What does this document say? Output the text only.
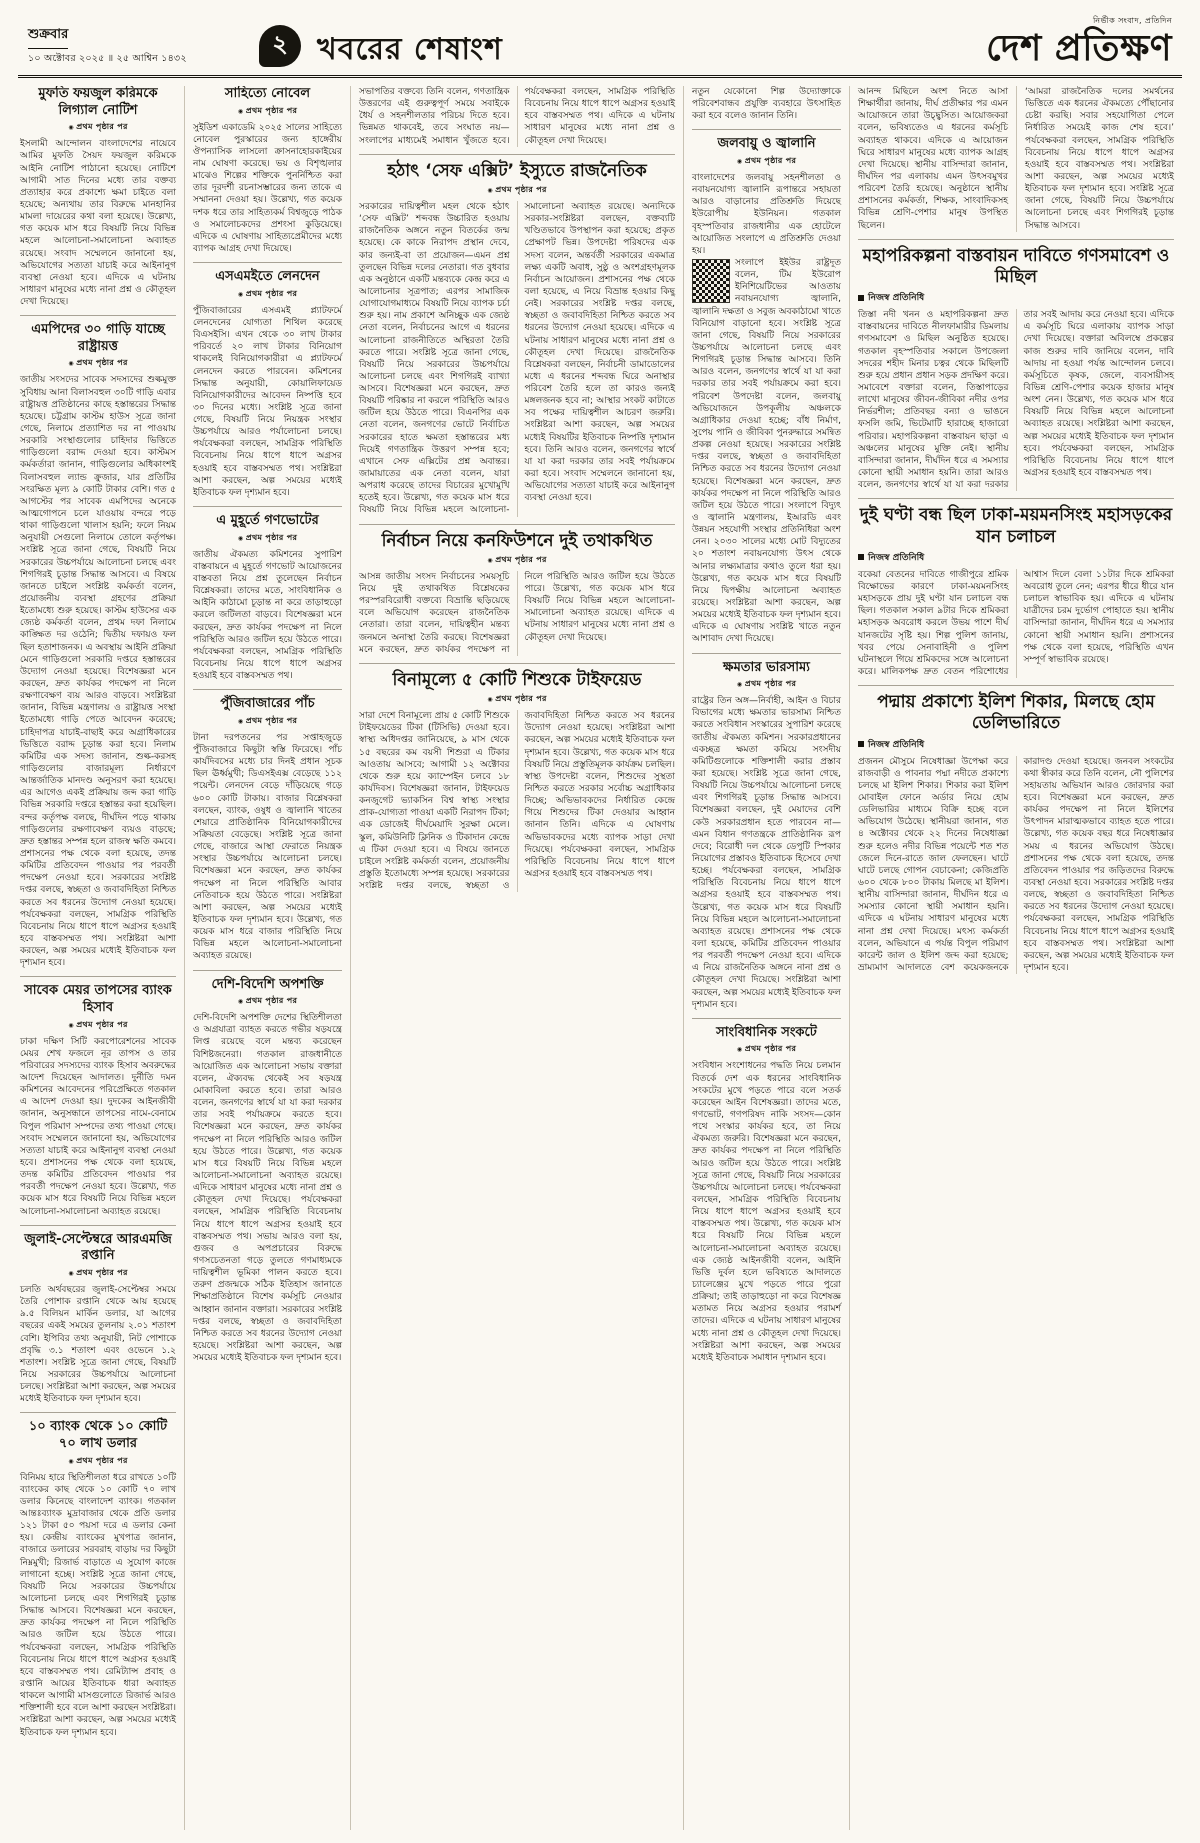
শুক্রবার
১০ অক্টোবর ২০২৫ ॥ ২৫ আশ্বিন ১৪৩২
২ খবরের শেষাংশ
নির্ভীক সংবাদ, প্রতিদিন
দেশ প্রতিক্ষণ
মুফতি ফয়জুল করিমকে লিগ্যাল নোটিশ
◉ প্রথম পৃষ্ঠার পর

ইসলামী আন্দোলন বাংলাদেশের নায়েবে আমির মুফতি সৈয়দ ফয়জুল করিমকে আইনি নোটিশ পাঠানো হয়েছে। নোটিশে আগামী সাত দিনের মধ্যে তার বক্তব্য প্রত্যাহার করে প্রকাশ্যে ক্ষমা চাইতে বলা হয়েছে; অন্যথায় তার বিরুদ্ধে মানহানির মামলা দায়েরের কথা বলা হয়েছে। উল্লেখ্য, গত কয়েক মাস ধরে বিষয়টি নিয়ে বিভিন্ন মহলে আলোচনা-সমালোচনা অব্যাহত রয়েছে। সংবাদ সম্মেলনে জানানো হয়, অভিযোগের সত্যতা যাচাই করে আইনানুগ ব্যবস্থা নেওয়া হবে। এদিকে এ ঘটনায় সাধারণ মানুষের মধ্যে নানা প্রশ্ন ও কৌতূহল দেখা দিয়েছে।

এমপিদের ৩০ গাড়ি যাচ্ছে রাষ্ট্রায়ত্ত
◉ প্রথম পৃষ্ঠার পর

জাতীয় সংসদের সাবেক সদস্যদের শুল্কমুক্ত সুবিধায় আনা বিলাসবহুল ৩০টি গাড়ি এবার রাষ্ট্রায়ত্ত প্রতিষ্ঠানের কাছে হস্তান্তরের সিদ্ধান্ত হয়েছে। চট্টগ্রাম কাস্টম হাউস সূত্রে জানা গেছে, নিলামে প্রত্যাশিত দর না পাওয়ায় সরকারি সংস্থাগুলোর চাহিদার ভিত্তিতে গাড়িগুলো বরাদ্দ দেওয়া হবে। কাস্টমস কর্মকর্তারা জানান, গাড়িগুলোর অধিকাংশই বিলাসবহুল ল্যান্ড ক্রুজার, যার প্রতিটির সংরক্ষিত মূল্য ৯ কোটি টাকার বেশি। গত ৫ আগস্টের পর সাবেক এমপিদের অনেকে আত্মগোপনে চলে যাওয়ায় বন্দরে পড়ে থাকা গাড়িগুলো খালাস হয়নি; ফলে নিয়ম অনুযায়ী সেগুলো নিলামে তোলে কর্তৃপক্ষ। সংশ্লিষ্ট সূত্রে জানা গেছে, বিষয়টি নিয়ে সরকারের উচ্চপর্যায়ে আলোচনা চলছে এবং শিগগিরই চূড়ান্ত সিদ্ধান্ত আসবে। এ বিষয়ে জানতে চাইলে সংশ্লিষ্ট কর্মকর্তা বলেন, প্রয়োজনীয় ব্যবস্থা গ্রহণের প্রক্রিয়া ইতোমধ্যে শুরু হয়েছে। কাস্টম হাউসের এক জ্যেষ্ঠ কর্মকর্তা বলেন, প্রথম দফা নিলামে কাঙ্ক্ষিত দর ওঠেনি; দ্বিতীয় দফায়ও ফল ছিল হতাশাজনক। এ অবস্থায় আইনি প্রক্রিয়া মেনে গাড়িগুলো সরকারি দপ্তরে হস্তান্তরের উদ্যোগ নেওয়া হয়েছে। বিশেষজ্ঞরা মনে করছেন, দ্রুত কার্যকর পদক্ষেপ না নিলে রক্ষণাবেক্ষণ ব্যয় আরও বাড়বে। সংশ্লিষ্টরা জানান, বিভিন্ন মন্ত্রণালয় ও রাষ্ট্রায়ত্ত সংস্থা ইতোমধ্যে গাড়ি পেতে আবেদন করেছে; চাহিদাপত্র যাচাই-বাছাই করে অগ্রাধিকারের ভিত্তিতে বরাদ্দ চূড়ান্ত করা হবে। নিলাম কমিটির এক সদস্য জানান, শুল্ক-করসহ গাড়িগুলোর বাজারমূল্য নির্ধারণে আন্তর্জাতিক মানদণ্ড অনুসরণ করা হয়েছে। এর আগেও একই প্রক্রিয়ায় জব্দ করা গাড়ি বিভিন্ন সরকারি দপ্তরে হস্তান্তর করা হয়েছিল। বন্দর কর্তৃপক্ষ বলছে, দীর্ঘদিন পড়ে থাকায় গাড়িগুলোর রক্ষণাবেক্ষণ ব্যয়ও বাড়ছে; দ্রুত হস্তান্তর সম্পন্ন হলে রাজস্ব ক্ষতি কমবে। প্রশাসনের পক্ষ থেকে বলা হয়েছে, তদন্ত কমিটির প্রতিবেদন পাওয়ার পর পরবর্তী পদক্ষেপ নেওয়া হবে। সরকারের সংশ্লিষ্ট দপ্তর বলছে, স্বচ্ছতা ও জবাবদিহিতা নিশ্চিত করতে সব ধরনের উদ্যোগ নেওয়া হয়েছে। পর্যবেক্ষকরা বলছেন, সামগ্রিক পরিস্থিতি বিবেচনায় নিয়ে ধাপে ধাপে অগ্রসর হওয়াই হবে বাস্তবসম্মত পথ। সংশ্লিষ্টরা আশা করছেন, অল্প সময়ের মধ্যেই ইতিবাচক ফল দৃশ্যমান হবে।

সাবেক মেয়র তাপসের ব্যাংক হিসাব
◉ প্রথম পৃষ্ঠার পর

ঢাকা দক্ষিণ সিটি করপোরেশনের সাবেক মেয়র শেখ ফজলে নূর তাপস ও তার পরিবারের সদস্যদের ব্যাংক হিসাব অবরুদ্ধের আদেশ দিয়েছেন আদালত। দুর্নীতি দমন কমিশনের আবেদনের পরিপ্রেক্ষিতে গতকাল এ আদেশ দেওয়া হয়। দুদকের আইনজীবী জানান, অনুসন্ধানে তাপসের নামে-বেনামে বিপুল পরিমাণ সম্পদের তথ্য পাওয়া গেছে। সংবাদ সম্মেলনে জানানো হয়, অভিযোগের সত্যতা যাচাই করে আইনানুগ ব্যবস্থা নেওয়া হবে। প্রশাসনের পক্ষ থেকে বলা হয়েছে, তদন্ত কমিটির প্রতিবেদন পাওয়ার পর পরবর্তী পদক্ষেপ নেওয়া হবে। উল্লেখ্য, গত কয়েক মাস ধরে বিষয়টি নিয়ে বিভিন্ন মহলে আলোচনা-সমালোচনা অব্যাহত রয়েছে।

জুলাই-সেপ্টেম্বরে আরএমজি রপ্তানি
◉ প্রথম পৃষ্ঠার পর

চলতি অর্থবছরের জুলাই-সেপ্টেম্বর সময়ে তৈরি পোশাক রপ্তানি থেকে আয় হয়েছে ৯.৫ বিলিয়ন মার্কিন ডলার, যা আগের বছরের একই সময়ের তুলনায় ২.০১ শতাংশ বেশি। ইপিবির তথ্য অনুযায়ী, নিট পোশাকে প্রবৃদ্ধি ৩.১ শতাংশ এবং ওভেনে ১.২ শতাংশ। সংশ্লিষ্ট সূত্রে জানা গেছে, বিষয়টি নিয়ে সরকারের উচ্চপর্যায়ে আলোচনা চলছে। সংশ্লিষ্টরা আশা করছেন, অল্প সময়ের মধ্যেই ইতিবাচক ফল দৃশ্যমান হবে।

১০ ব্যাংক থেকে ১০ কোটি ৭০ লাখ ডলার
◉ প্রথম পৃষ্ঠার পর

বিনিময় হারে স্থিতিশীলতা ধরে রাখতে ১০টি ব্যাংকের কাছ থেকে ১০ কোটি ৭০ লাখ ডলার কিনেছে বাংলাদেশ ব্যাংক। গতকাল আন্তঃব্যাংক মুদ্রাবাজার থেকে প্রতি ডলার ১২১ টাকা ৫০ পয়সা দরে এ ডলার কেনা হয়। কেন্দ্রীয় ব্যাংকের মুখপাত্র জানান, বাজারে ডলারের সরবরাহ বাড়ায় দর কিছুটা নিম্নমুখী; রিজার্ভ বাড়াতে এ সুযোগ কাজে লাগানো হচ্ছে। সংশ্লিষ্ট সূত্রে জানা গেছে, বিষয়টি নিয়ে সরকারের উচ্চপর্যায়ে আলোচনা চলছে এবং শিগগিরই চূড়ান্ত সিদ্ধান্ত আসবে। বিশেষজ্ঞরা মনে করছেন, দ্রুত কার্যকর পদক্ষেপ না নিলে পরিস্থিতি আরও জটিল হয়ে উঠতে পারে। পর্যবেক্ষকরা বলছেন, সামগ্রিক পরিস্থিতি বিবেচনায় নিয়ে ধাপে ধাপে অগ্রসর হওয়াই হবে বাস্তবসম্মত পথ। রেমিট্যান্স প্রবাহ ও রপ্তানি আয়ের ইতিবাচক ধারা অব্যাহত থাকলে আগামী মাসগুলোতে রিজার্ভ আরও শক্তিশালী হবে বলে আশা করছেন সংশ্লিষ্টরা। সংশ্লিষ্টরা আশা করছেন, অল্প সময়ের মধ্যেই ইতিবাচক ফল দৃশ্যমান হবে।

সাহিত্যে নোবেল
◉ প্রথম পৃষ্ঠার পর

সুইডিশ একাডেমি ২০২৫ সালের সাহিত্যে নোবেল পুরস্কারের জন্য হাঙ্গেরীয় ঔপন্যাসিক লাসলো ক্রাসনাহোরকাইয়ের নাম ঘোষণা করেছে। ভয় ও বিশৃঙ্খলার মাঝেও শিল্পের শক্তিকে পুনর্নিশ্চিত করা তার দূরদর্শী রচনাসম্ভারের জন্য তাকে এ সম্মাননা দেওয়া হয়। উল্লেখ্য, গত কয়েক দশক ধরে তার সাহিত্যকর্ম বিশ্বজুড়ে পাঠক ও সমালোচকদের প্রশংসা কুড়িয়েছে। এদিকে এ ঘোষণায় সাহিত্যপ্রেমীদের মধ্যে ব্যাপক আগ্রহ দেখা দিয়েছে।

এসএমইতে লেনদেন
◉ প্রথম পৃষ্ঠার পর

পুঁজিবাজারের এসএমই প্ল্যাটফর্মে লেনদেনের যোগ্যতা শিথিল করেছে বিএসইসি। এখন থেকে ৩০ লাখ টাকার পরিবর্তে ২০ লাখ টাকার বিনিয়োগ থাকলেই বিনিয়োগকারীরা এ প্ল্যাটফর্মে লেনদেন করতে পারবেন। কমিশনের সিদ্ধান্ত অনুযায়ী, কোয়ালিফায়েড বিনিয়োগকারীদের আবেদন নিষ্পত্তি হবে ৩০ দিনের মধ্যে। সংশ্লিষ্ট সূত্রে জানা গেছে, বিষয়টি নিয়ে নিয়ন্ত্রক সংস্থার উচ্চপর্যায়ে আরও পর্যালোচনা চলছে। পর্যবেক্ষকরা বলছেন, সামগ্রিক পরিস্থিতি বিবেচনায় নিয়ে ধাপে ধাপে অগ্রসর হওয়াই হবে বাস্তবসম্মত পথ। সংশ্লিষ্টরা আশা করছেন, অল্প সময়ের মধ্যেই ইতিবাচক ফল দৃশ্যমান হবে।

এ মুহূর্তে গণভোটের
◉ প্রথম পৃষ্ঠার পর

জাতীয় ঐকমত্য কমিশনের সুপারিশ বাস্তবায়নে এ মুহূর্তে গণভোট আয়োজনের বাস্তবতা নিয়ে প্রশ্ন তুলেছেন নির্বাচন বিশ্লেষকরা। তাদের মতে, সাংবিধানিক ও আইনি কাঠামো চূড়ান্ত না করে তাড়াহুড়ো করলে জটিলতা বাড়বে। বিশেষজ্ঞরা মনে করছেন, দ্রুত কার্যকর পদক্ষেপ না নিলে পরিস্থিতি আরও জটিল হয়ে উঠতে পারে। পর্যবেক্ষকরা বলছেন, সামগ্রিক পরিস্থিতি বিবেচনায় নিয়ে ধাপে ধাপে অগ্রসর হওয়াই হবে বাস্তবসম্মত পথ।

পুঁজিবাজারের পাঁচ
◉ প্রথম পৃষ্ঠার পর

টানা দরপতনের পর সপ্তাহজুড়ে পুঁজিবাজারে কিছুটা স্বস্তি ফিরেছে। পাঁচ কার্যদিবসের মধ্যে চার দিনই প্রধান সূচক ছিল ঊর্ধ্বমুখী; ডিএসইএক্স বেড়েছে ১১২ পয়েন্ট। লেনদেন বেড়ে দাঁড়িয়েছে গড়ে ৬০০ কোটি টাকায়। বাজার বিশ্লেষকরা বলছেন, ব্যাংক, ওষুধ ও জ্বালানি খাতের শেয়ারে প্রাতিষ্ঠানিক বিনিয়োগকারীদের সক্রিয়তা বেড়েছে। সংশ্লিষ্ট সূত্রে জানা গেছে, বাজারে আস্থা ফেরাতে নিয়ন্ত্রক সংস্থার উচ্চপর্যায়ে আলোচনা চলছে। বিশেষজ্ঞরা মনে করছেন, দ্রুত কার্যকর পদক্ষেপ না নিলে পরিস্থিতি আবার নেতিবাচক হয়ে উঠতে পারে। সংশ্লিষ্টরা আশা করছেন, অল্প সময়ের মধ্যেই ইতিবাচক ফল দৃশ্যমান হবে। উল্লেখ্য, গত কয়েক মাস ধরে বাজার পরিস্থিতি নিয়ে বিভিন্ন মহলে আলোচনা-সমালোচনা অব্যাহত রয়েছে।

দেশি-বিদেশি অপশক্তি
◉ প্রথম পৃষ্ঠার পর

দেশি-বিদেশি অপশক্তি দেশের স্থিতিশীলতা ও অগ্রযাত্রা ব্যাহত করতে গভীর ষড়যন্ত্রে লিপ্ত রয়েছে বলে মন্তব্য করেছেন বিশিষ্টজনেরা। গতকাল রাজধানীতে আয়োজিত এক আলোচনা সভায় বক্তারা বলেন, ঐক্যবদ্ধ থেকেই সব ষড়যন্ত্র মোকাবিলা করতে হবে। তারা আরও বলেন, জনগণের স্বার্থে যা যা করা দরকার তার সবই পর্যায়ক্রমে করতে হবে। বিশেষজ্ঞরা মনে করছেন, দ্রুত কার্যকর পদক্ষেপ না নিলে পরিস্থিতি আরও জটিল হয়ে উঠতে পারে। উল্লেখ্য, গত কয়েক মাস ধরে বিষয়টি নিয়ে বিভিন্ন মহলে আলোচনা-সমালোচনা অব্যাহত রয়েছে। এদিকে সাধারণ মানুষের মধ্যে নানা প্রশ্ন ও কৌতূহল দেখা দিয়েছে। পর্যবেক্ষকরা বলছেন, সামগ্রিক পরিস্থিতি বিবেচনায় নিয়ে ধাপে ধাপে অগ্রসর হওয়াই হবে বাস্তবসম্মত পথ। সভায় আরও বলা হয়, গুজব ও অপপ্রচারের বিরুদ্ধে গণসচেতনতা গড়ে তুলতে গণমাধ্যমকে দায়িত্বশীল ভূমিকা পালন করতে হবে। তরুণ প্রজন্মকে সঠিক ইতিহাস জানাতে শিক্ষাপ্রতিষ্ঠানে বিশেষ কর্মসূচি নেওয়ার আহ্বান জানান বক্তারা। সরকারের সংশ্লিষ্ট দপ্তর বলছে, স্বচ্ছতা ও জবাবদিহিতা নিশ্চিত করতে সব ধরনের উদ্যোগ নেওয়া হয়েছে। সংশ্লিষ্টরা আশা করছেন, অল্প সময়ের মধ্যেই ইতিবাচক ফল দৃশ্যমান হবে।

সভাপতির বক্তব্যে তিনি বলেন, গণতান্ত্রিক উত্তরণের এই গুরুত্বপূর্ণ সময়ে সবাইকে ধৈর্য ও সহনশীলতার পরিচয় দিতে হবে। ভিন্নমত থাকবেই, তবে সংঘাত নয়—সংলাপের মাধ্যমেই সমাধান খুঁজতে হবে। পর্যবেক্ষকরা বলছেন, সামগ্রিক পরিস্থিতি বিবেচনায় নিয়ে ধাপে ধাপে অগ্রসর হওয়াই হবে বাস্তবসম্মত পথ। এদিকে এ ঘটনায় সাধারণ মানুষের মধ্যে নানা প্রশ্ন ও কৌতূহল দেখা দিয়েছে।

হঠাৎ ‘সেফ এক্সিট’ ইস্যুতে রাজনৈতিক
◉ প্রথম পৃষ্ঠার পর

সরকারের দায়িত্বশীল মহল থেকে হঠাৎ ‘সেফ এক্সিট’ শব্দবন্ধ উচ্চারিত হওয়ায় রাজনৈতিক অঙ্গনে নতুন বিতর্কের জন্ম হয়েছে। কে কাকে নিরাপদ প্রস্থান দেবে, কার জন্যই-বা তা প্রয়োজন—এমন প্রশ্ন তুলছেন বিভিন্ন দলের নেতারা। গত বুধবার এক অনুষ্ঠানে একটি মন্তব্যকে কেন্দ্র করে এ আলোচনার সূত্রপাত; এরপর সামাজিক যোগাযোগমাধ্যমে বিষয়টি নিয়ে ব্যাপক চর্চা শুরু হয়। নাম প্রকাশে অনিচ্ছুক এক জ্যেষ্ঠ নেতা বলেন, নির্বাচনের আগে এ ধরনের আলোচনা রাজনীতিতে অস্থিরতা তৈরি করতে পারে। সংশ্লিষ্ট সূত্রে জানা গেছে, বিষয়টি নিয়ে সরকারের উচ্চপর্যায়ে আলোচনা চলছে এবং শিগগিরই ব্যাখ্যা আসবে। বিশেষজ্ঞরা মনে করছেন, দ্রুত বিষয়টি পরিষ্কার না করলে পরিস্থিতি আরও জটিল হয়ে উঠতে পারে। বিএনপির এক নেতা বলেন, জনগণের ভোটে নির্বাচিত সরকারের হাতে ক্ষমতা হস্তান্তরের মধ্য দিয়েই গণতান্ত্রিক উত্তরণ সম্পন্ন হবে; এখানে সেফ এক্সিটের প্রশ্ন অবান্তর। জামায়াতের এক নেতা বলেন, যারা অপরাধ করেছে তাদের বিচারের মুখোমুখি হতেই হবে। উল্লেখ্য, গত কয়েক মাস ধরে বিষয়টি নিয়ে বিভিন্ন মহলে আলোচনা-সমালোচনা অব্যাহত রয়েছে। অন্যদিকে সরকার-সংশ্লিষ্টরা বলছেন, বক্তব্যটি খণ্ডিতভাবে উপস্থাপন করা হয়েছে; প্রকৃত প্রেক্ষাপট ভিন্ন। উপদেষ্টা পরিষদের এক সদস্য বলেন, অন্তর্বর্তী সরকারের একমাত্র লক্ষ্য একটি অবাধ, সুষ্ঠু ও অংশগ্রহণমূলক নির্বাচন আয়োজন। প্রশাসনের পক্ষ থেকে বলা হয়েছে, এ নিয়ে বিভ্রান্ত হওয়ার কিছু নেই। সরকারের সংশ্লিষ্ট দপ্তর বলছে, স্বচ্ছতা ও জবাবদিহিতা নিশ্চিত করতে সব ধরনের উদ্যোগ নেওয়া হয়েছে। এদিকে এ ঘটনায় সাধারণ মানুষের মধ্যে নানা প্রশ্ন ও কৌতূহল দেখা দিয়েছে। রাজনৈতিক বিশ্লেষকরা বলছেন, নির্বাচনী ডামাডোলের মধ্যে এ ধরনের শব্দবন্ধ ঘিরে অনাস্থার পরিবেশ তৈরি হলে তা কারও জন্যই মঙ্গলজনক হবে না; আস্থার সংকট কাটাতে সব পক্ষের দায়িত্বশীল আচরণ জরুরি। সংশ্লিষ্টরা আশা করছেন, অল্প সময়ের মধ্যেই বিষয়টির ইতিবাচক নিষ্পত্তি দৃশ্যমান হবে। তিনি আরও বলেন, জনগণের স্বার্থে যা যা করা দরকার তার সবই পর্যায়ক্রমে করা হবে। সংবাদ সম্মেলনে জানানো হয়, অভিযোগের সত্যতা যাচাই করে আইনানুগ ব্যবস্থা নেওয়া হবে।

নির্বাচন নিয়ে কনফিউশনে দুই তথাকথিত
◉ প্রথম পৃষ্ঠার পর

আসন্ন জাতীয় সংসদ নির্বাচনের সময়সূচি নিয়ে দুই তথাকথিত বিশ্লেষকের পরস্পরবিরোধী বক্তব্যে বিভ্রান্তি ছড়িয়েছে বলে অভিযোগ করেছেন রাজনৈতিক নেতারা। তারা বলেন, দায়িত্বহীন মন্তব্য জনমনে অনাস্থা তৈরি করছে। বিশেষজ্ঞরা মনে করছেন, দ্রুত কার্যকর পদক্ষেপ না নিলে পরিস্থিতি আরও জটিল হয়ে উঠতে পারে। উল্লেখ্য, গত কয়েক মাস ধরে বিষয়টি নিয়ে বিভিন্ন মহলে আলোচনা-সমালোচনা অব্যাহত রয়েছে। এদিকে এ ঘটনায় সাধারণ মানুষের মধ্যে নানা প্রশ্ন ও কৌতূহল দেখা দিয়েছে।

বিনামূল্যে ৫ কোটি শিশুকে টাইফয়েড
◉ প্রথম পৃষ্ঠার পর

সারা দেশে বিনামূল্যে প্রায় ৫ কোটি শিশুকে টাইফয়েডের টিকা (টিসিভি) দেওয়া হবে। স্বাস্থ্য অধিদপ্তর জানিয়েছে, ৯ মাস থেকে ১৫ বছরের কম বয়সী শিশুরা এ টিকার আওতায় আসবে; আগামী ১২ অক্টোবর থেকে শুরু হয়ে ক্যাম্পেইন চলবে ১৮ কার্যদিবস। বিশেষজ্ঞরা জানান, টাইফয়েড কনজুগেট ভ্যাকসিন বিশ্ব স্বাস্থ্য সংস্থার প্রাক-যোগ্যতা পাওয়া একটি নিরাপদ টিকা; এক ডোজেই দীর্ঘমেয়াদি সুরক্ষা মেলে। স্কুল, কমিউনিটি ক্লিনিক ও টিকাদান কেন্দ্রে এ টিকা দেওয়া হবে। এ বিষয়ে জানতে চাইলে সংশ্লিষ্ট কর্মকর্তা বলেন, প্রয়োজনীয় প্রস্তুতি ইতোমধ্যে সম্পন্ন হয়েছে। সরকারের সংশ্লিষ্ট দপ্তর বলছে, স্বচ্ছতা ও জবাবদিহিতা নিশ্চিত করতে সব ধরনের উদ্যোগ নেওয়া হয়েছে। সংশ্লিষ্টরা আশা করছেন, অল্প সময়ের মধ্যেই ইতিবাচক ফল দৃশ্যমান হবে। উল্লেখ্য, গত কয়েক মাস ধরে বিষয়টি নিয়ে প্রস্তুতিমূলক কার্যক্রম চলছিল। স্বাস্থ্য উপদেষ্টা বলেন, শিশুদের সুস্থতা নিশ্চিত করতে সরকার সর্বোচ্চ অগ্রাধিকার দিচ্ছে; অভিভাবকদের নির্ধারিত কেন্দ্রে গিয়ে শিশুদের টিকা দেওয়ার আহ্বান জানান তিনি। এদিকে এ ঘোষণায় অভিভাবকদের মধ্যে ব্যাপক সাড়া দেখা দিয়েছে। পর্যবেক্ষকরা বলছেন, সামগ্রিক পরিস্থিতি বিবেচনায় নিয়ে ধাপে ধাপে অগ্রসর হওয়াই হবে বাস্তবসম্মত পথ।

নতুন যেকোনো শিল্প উদ্যোক্তাকে পরিবেশবান্ধব প্রযুক্তি ব্যবহারে উৎসাহিত করা হবে বলেও জানান তিনি।

জলবায়ু ও জ্বালানি
◉ প্রথম পৃষ্ঠার পর

বাংলাদেশের জলবায়ু সহনশীলতা ও নবায়নযোগ্য জ্বালানি রূপান্তরে সহায়তা আরও বাড়ানোর প্রতিশ্রুতি দিয়েছে ইউরোপীয় ইউনিয়ন। গতকাল বৃহস্পতিবার রাজধানীর এক হোটেলে আয়োজিত সংলাপে এ প্রতিশ্রুতি দেওয়া হয়।

সংলাপে ইইউর রাষ্ট্রদূত বলেন, টিম ইউরোপ ইনিশিয়েটিভের আওতায় নবায়নযোগ্য জ্বালানি, জ্বালানি দক্ষতা ও সবুজ অবকাঠামো খাতে বিনিয়োগ বাড়ানো হবে। সংশ্লিষ্ট সূত্রে জানা গেছে, বিষয়টি নিয়ে সরকারের উচ্চপর্যায়ে আলোচনা চলছে এবং শিগগিরই চূড়ান্ত সিদ্ধান্ত আসবে। তিনি আরও বলেন, জনগণের স্বার্থে যা যা করা দরকার তার সবই পর্যায়ক্রমে করা হবে। পরিবেশ উপদেষ্টা বলেন, জলবায়ু অভিযোজনে উপকূলীয় অঞ্চলকে অগ্রাধিকার দেওয়া হচ্ছে; বাঁধ নির্মাণ, সুপেয় পানি ও জীবিকা পুনরুদ্ধারে সমন্বিত প্রকল্প নেওয়া হয়েছে। সরকারের সংশ্লিষ্ট দপ্তর বলছে, স্বচ্ছতা ও জবাবদিহিতা নিশ্চিত করতে সব ধরনের উদ্যোগ নেওয়া হয়েছে। বিশেষজ্ঞরা মনে করছেন, দ্রুত কার্যকর পদক্ষেপ না নিলে পরিস্থিতি আরও জটিল হয়ে উঠতে পারে। সংলাপে বিদ্যুৎ ও জ্বালানি মন্ত্রণালয়, ইআরডি এবং উন্নয়ন সহযোগী সংস্থার প্রতিনিধিরা অংশ নেন। ২০৩০ সালের মধ্যে মোট বিদ্যুতের ২০ শতাংশ নবায়নযোগ্য উৎস থেকে আনার লক্ষ্যমাত্রার কথাও তুলে ধরা হয়। উল্লেখ্য, গত কয়েক মাস ধরে বিষয়টি নিয়ে দ্বিপক্ষীয় আলোচনা অব্যাহত রয়েছে। সংশ্লিষ্টরা আশা করছেন, অল্প সময়ের মধ্যেই ইতিবাচক ফল দৃশ্যমান হবে। এদিকে এ ঘোষণায় সংশ্লিষ্ট খাতে নতুন আশাবাদ দেখা দিয়েছে।

ক্ষমতার ভারসাম্য
◉ প্রথম পৃষ্ঠার পর

রাষ্ট্রের তিন অঙ্গ—নির্বাহী, আইন ও বিচার বিভাগের মধ্যে ক্ষমতার ভারসাম্য নিশ্চিত করতে সংবিধান সংস্কারের সুপারিশ করেছে জাতীয় ঐকমত্য কমিশন। সরকারপ্রধানের একচ্ছত্র ক্ষমতা কমিয়ে সংসদীয় কমিটিগুলোকে শক্তিশালী করার প্রস্তাব করা হয়েছে। সংশ্লিষ্ট সূত্রে জানা গেছে, বিষয়টি নিয়ে উচ্চপর্যায়ে আলোচনা চলছে এবং শিগগিরই চূড়ান্ত সিদ্ধান্ত আসবে। বিশেষজ্ঞরা বলছেন, দুই মেয়াদের বেশি কেউ সরকারপ্রধান হতে পারবেন না—এমন বিধান গণতন্ত্রকে প্রাতিষ্ঠানিক রূপ দেবে; বিরোধী দল থেকে ডেপুটি স্পিকার নিয়োগের প্রস্তাবও ইতিবাচক হিসেবে দেখা হচ্ছে। পর্যবেক্ষকরা বলছেন, সামগ্রিক পরিস্থিতি বিবেচনায় নিয়ে ধাপে ধাপে অগ্রসর হওয়াই হবে বাস্তবসম্মত পথ। উল্লেখ্য, গত কয়েক মাস ধরে বিষয়টি নিয়ে বিভিন্ন মহলে আলোচনা-সমালোচনা অব্যাহত রয়েছে। প্রশাসনের পক্ষ থেকে বলা হয়েছে, কমিটির প্রতিবেদন পাওয়ার পর পরবর্তী পদক্ষেপ নেওয়া হবে। এদিকে এ নিয়ে রাজনৈতিক অঙ্গনে নানা প্রশ্ন ও কৌতূহল দেখা দিয়েছে। সংশ্লিষ্টরা আশা করছেন, অল্প সময়ের মধ্যেই ইতিবাচক ফল দৃশ্যমান হবে।

সাংবিধানিক সংকটে
◉ প্রথম পৃষ্ঠার পর

সংবিধান সংশোধনের পদ্ধতি নিয়ে চলমান বিতর্কে দেশ এক ধরনের সাংবিধানিক সংকটের মুখে পড়তে পারে বলে সতর্ক করেছেন আইন বিশেষজ্ঞরা। তাদের মতে, গণভোট, গণপরিষদ নাকি সংসদ—কোন পথে সংস্কার কার্যকর হবে, তা নিয়ে ঐকমত্য জরুরি। বিশেষজ্ঞরা মনে করছেন, দ্রুত কার্যকর পদক্ষেপ না নিলে পরিস্থিতি আরও জটিল হয়ে উঠতে পারে। সংশ্লিষ্ট সূত্রে জানা গেছে, বিষয়টি নিয়ে সরকারের উচ্চপর্যায়ে আলোচনা চলছে। পর্যবেক্ষকরা বলছেন, সামগ্রিক পরিস্থিতি বিবেচনায় নিয়ে ধাপে ধাপে অগ্রসর হওয়াই হবে বাস্তবসম্মত পথ। উল্লেখ্য, গত কয়েক মাস ধরে বিষয়টি নিয়ে বিভিন্ন মহলে আলোচনা-সমালোচনা অব্যাহত রয়েছে। এক জ্যেষ্ঠ আইনজীবী বলেন, আইনি ভিত্তি দুর্বল হলে ভবিষ্যতে আদালতে চ্যালেঞ্জের মুখে পড়তে পারে পুরো প্রক্রিয়া; তাই তাড়াহুড়ো না করে বিশেষজ্ঞ মতামত নিয়ে অগ্রসর হওয়ার পরামর্শ তাদের। এদিকে এ ঘটনায় সাধারণ মানুষের মধ্যে নানা প্রশ্ন ও কৌতূহল দেখা দিয়েছে। সংশ্লিষ্টরা আশা করছেন, অল্প সময়ের মধ্যেই ইতিবাচক সমাধান দৃশ্যমান হবে।

আনন্দ মিছিলে অংশ নিতে আসা শিক্ষার্থীরা জানায়, দীর্ঘ প্রতীক্ষার পর এমন আয়োজনে তারা উচ্ছ্বসিত। আয়োজকরা বলেন, ভবিষ্যতেও এ ধরনের কর্মসূচি অব্যাহত থাকবে। এদিকে এ আয়োজন ঘিরে সাধারণ মানুষের মধ্যে ব্যাপক আগ্রহ দেখা দিয়েছে। স্থানীয় বাসিন্দারা জানান, দীর্ঘদিন পর এলাকায় এমন উৎসবমুখর পরিবেশ তৈরি হয়েছে। অনুষ্ঠানে স্থানীয় প্রশাসনের কর্মকর্তা, শিক্ষক, সাংবাদিকসহ বিভিন্ন শ্রেণি-পেশার মানুষ উপস্থিত ছিলেন।

‘আমরা রাজনৈতিক দলের সমর্থনের ভিত্তিতে এক ধরনের ঐকমত্যে পৌঁছানোর চেষ্টা করছি। সবার সহযোগিতা পেলে নির্ধারিত সময়েই কাজ শেষ হবে।’ পর্যবেক্ষকরা বলছেন, সামগ্রিক পরিস্থিতি বিবেচনায় নিয়ে ধাপে ধাপে অগ্রসর হওয়াই হবে বাস্তবসম্মত পথ। সংশ্লিষ্টরা আশা করছেন, অল্প সময়ের মধ্যেই ইতিবাচক ফল দৃশ্যমান হবে। সংশ্লিষ্ট সূত্রে জানা গেছে, বিষয়টি নিয়ে উচ্চপর্যায়ে আলোচনা চলছে এবং শিগগিরই চূড়ান্ত সিদ্ধান্ত আসবে।

মহাপরিকল্পনা বাস্তবায়ন দাবিতে গণসমাবেশ ও মিছিল
নিজস্ব প্রতিনিধি

তিস্তা নদী খনন ও মহাপরিকল্পনা দ্রুত বাস্তবায়নের দাবিতে নীলফামারীর ডিমলায় গণসমাবেশ ও মিছিল অনুষ্ঠিত হয়েছে। গতকাল বৃহস্পতিবার সকালে উপজেলা সদরের শহীদ মিনার চত্বর থেকে মিছিলটি শুরু হয়ে প্রধান প্রধান সড়ক প্রদক্ষিণ করে। সমাবেশে বক্তারা বলেন, তিস্তাপাড়ের লাখো মানুষের জীবন-জীবিকা নদীর ওপর নির্ভরশীল; প্রতিবছর বন্যা ও ভাঙনে ফসলি জমি, ভিটেমাটি হারাচ্ছে হাজারো পরিবার। মহাপরিকল্পনা বাস্তবায়ন ছাড়া এ অঞ্চলের মানুষের মুক্তি নেই। স্থানীয় বাসিন্দারা জানান, দীর্ঘদিন ধরে এ সমস্যার কোনো স্থায়ী সমাধান হয়নি। তারা আরও বলেন, জনগণের স্বার্থে যা যা করা দরকার তার সবই আদায় করে নেওয়া হবে। এদিকে এ কর্মসূচি ঘিরে এলাকায় ব্যাপক সাড়া দেখা দিয়েছে। বক্তারা অবিলম্বে প্রকল্পের কাজ শুরুর দাবি জানিয়ে বলেন, দাবি আদায় না হওয়া পর্যন্ত আন্দোলন চলবে। কর্মসূচিতে কৃষক, জেলে, ব্যবসায়ীসহ বিভিন্ন শ্রেণি-পেশার কয়েক হাজার মানুষ অংশ নেন। উল্লেখ্য, গত কয়েক মাস ধরে বিষয়টি নিয়ে বিভিন্ন মহলে আলোচনা অব্যাহত রয়েছে। সংশ্লিষ্টরা আশা করছেন, অল্প সময়ের মধ্যেই ইতিবাচক ফল দৃশ্যমান হবে। পর্যবেক্ষকরা বলছেন, সামগ্রিক পরিস্থিতি বিবেচনায় নিয়ে ধাপে ধাপে অগ্রসর হওয়াই হবে বাস্তবসম্মত পথ।

দুই ঘণ্টা বন্ধ ছিল ঢাকা-ময়মনসিংহ মহাসড়কের যান চলাচল
নিজস্ব প্রতিনিধি

বকেয়া বেতনের দাবিতে গাজীপুরে শ্রমিক বিক্ষোভের কারণে ঢাকা-ময়মনসিংহ মহাসড়কে প্রায় দুই ঘণ্টা যান চলাচল বন্ধ ছিল। গতকাল সকাল ৯টার দিকে শ্রমিকরা মহাসড়ক অবরোধ করলে উভয় পাশে দীর্ঘ যানজটের সৃষ্টি হয়। শিল্প পুলিশ জানায়, খবর পেয়ে সেনাবাহিনী ও পুলিশ ঘটনাস্থলে গিয়ে শ্রমিকদের সঙ্গে আলোচনা করে। মালিকপক্ষ দ্রুত বেতন পরিশোধের আশ্বাস দিলে বেলা ১১টার দিকে শ্রমিকরা অবরোধ তুলে নেন; এরপর ধীরে ধীরে যান চলাচল স্বাভাবিক হয়। এদিকে এ ঘটনায় যাত্রীদের চরম দুর্ভোগ পোহাতে হয়। স্থানীয় বাসিন্দারা জানান, দীর্ঘদিন ধরে এ সমস্যার কোনো স্থায়ী সমাধান হয়নি। প্রশাসনের পক্ষ থেকে বলা হয়েছে, পরিস্থিতি এখন সম্পূর্ণ স্বাভাবিক রয়েছে।

পদ্মায় প্রকাশ্যে ইলিশ শিকার, মিলছে হোম ডেলিভারিতে
নিজস্ব প্রতিনিধি

প্রজনন মৌসুমে নিষেধাজ্ঞা উপেক্ষা করে রাজবাড়ী ও পাবনার পদ্মা নদীতে প্রকাশ্যে চলছে মা ইলিশ শিকার। শিকার করা ইলিশ মোবাইল ফোনে অর্ডার নিয়ে হোম ডেলিভারির মাধ্যমে বিক্রি হচ্ছে বলে অভিযোগ উঠেছে। স্থানীয়রা জানান, গত ৪ অক্টোবর থেকে ২২ দিনের নিষেধাজ্ঞা শুরু হলেও নদীর বিভিন্ন পয়েন্টে শত শত জেলে দিনে-রাতে জাল ফেলছেন। ঘাটে ঘাটে চলছে গোপন বেচাকেনা; কেজিপ্রতি ৬০০ থেকে ৮০০ টাকায় মিলছে মা ইলিশ। স্থানীয় বাসিন্দারা জানান, দীর্ঘদিন ধরে এ সমস্যার কোনো স্থায়ী সমাধান হয়নি। এদিকে এ ঘটনায় সাধারণ মানুষের মধ্যে নানা প্রশ্ন দেখা দিয়েছে। মৎস্য কর্মকর্তা বলেন, অভিযানে এ পর্যন্ত বিপুল পরিমাণ কারেন্ট জাল ও ইলিশ জব্দ করা হয়েছে; ভ্রাম্যমাণ আদালতে বেশ কয়েকজনকে কারাদণ্ড দেওয়া হয়েছে। জনবল সংকটের কথা স্বীকার করে তিনি বলেন, নৌ পুলিশের সহায়তায় অভিযান আরও জোরদার করা হবে। বিশেষজ্ঞরা মনে করছেন, দ্রুত কার্যকর পদক্ষেপ না নিলে ইলিশের উৎপাদন মারাত্মকভাবে ব্যাহত হতে পারে। উল্লেখ্য, গত কয়েক বছর ধরে নিষেধাজ্ঞার সময় এ ধরনের অভিযোগ উঠছে। প্রশাসনের পক্ষ থেকে বলা হয়েছে, তদন্ত প্রতিবেদন পাওয়ার পর জড়িতদের বিরুদ্ধে ব্যবস্থা নেওয়া হবে। সরকারের সংশ্লিষ্ট দপ্তর বলছে, স্বচ্ছতা ও জবাবদিহিতা নিশ্চিত করতে সব ধরনের উদ্যোগ নেওয়া হয়েছে। পর্যবেক্ষকরা বলছেন, সামগ্রিক পরিস্থিতি বিবেচনায় নিয়ে ধাপে ধাপে অগ্রসর হওয়াই হবে বাস্তবসম্মত পথ। সংশ্লিষ্টরা আশা করছেন, অল্প সময়ের মধ্যেই ইতিবাচক ফল দৃশ্যমান হবে।
